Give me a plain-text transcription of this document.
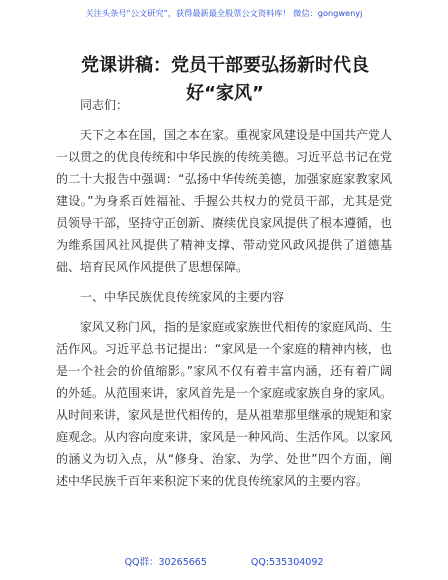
关注头条号“公文研究”，获得最新最全股票公文资料库！ 微信：gongwenyj
党课讲稿：党员干部要弘扬新时代良好“家风”

同志们：

天下之本在国，国之本在家。重视家风建设是中国共产党人一以贯之的优良传统和中华民族的传统美德。习近平总书记在党的二十大报告中强调：“弘扬中华传统美德，加强家庭家教家风建设。”为身系百姓福祉、手握公共权力的党员干部，尤其是党员领导干部，坚持守正创新、赓续优良家风提供了根本遵循，也为维系国风社风提供了精神支撑、带动党风政风提供了道德基础、培育民风作风提供了思想保障。

一、中华民族优良传统家风的主要内容

家风又称门风，指的是家庭或家族世代相传的家庭风尚、生活作风。习近平总书记提出：“家风是一个家庭的精神内核，也是一个社会的价值缩影。”家风不仅有着丰富内涵，还有着广阔的外延。从范围来讲，家风首先是一个家庭或家族自身的家风。从时间来讲，家风是世代相传的，是从祖辈那里继承的规矩和家庭观念。从内容向度来讲，家风是一种风尚、生活作风。以家风的涵义为切入点，从“修身、治家、为学、处世”四个方面，阐述中华民族千百年来积淀下来的优良传统家风的主要内容。

QQ群：30265665	QQ:535304092
